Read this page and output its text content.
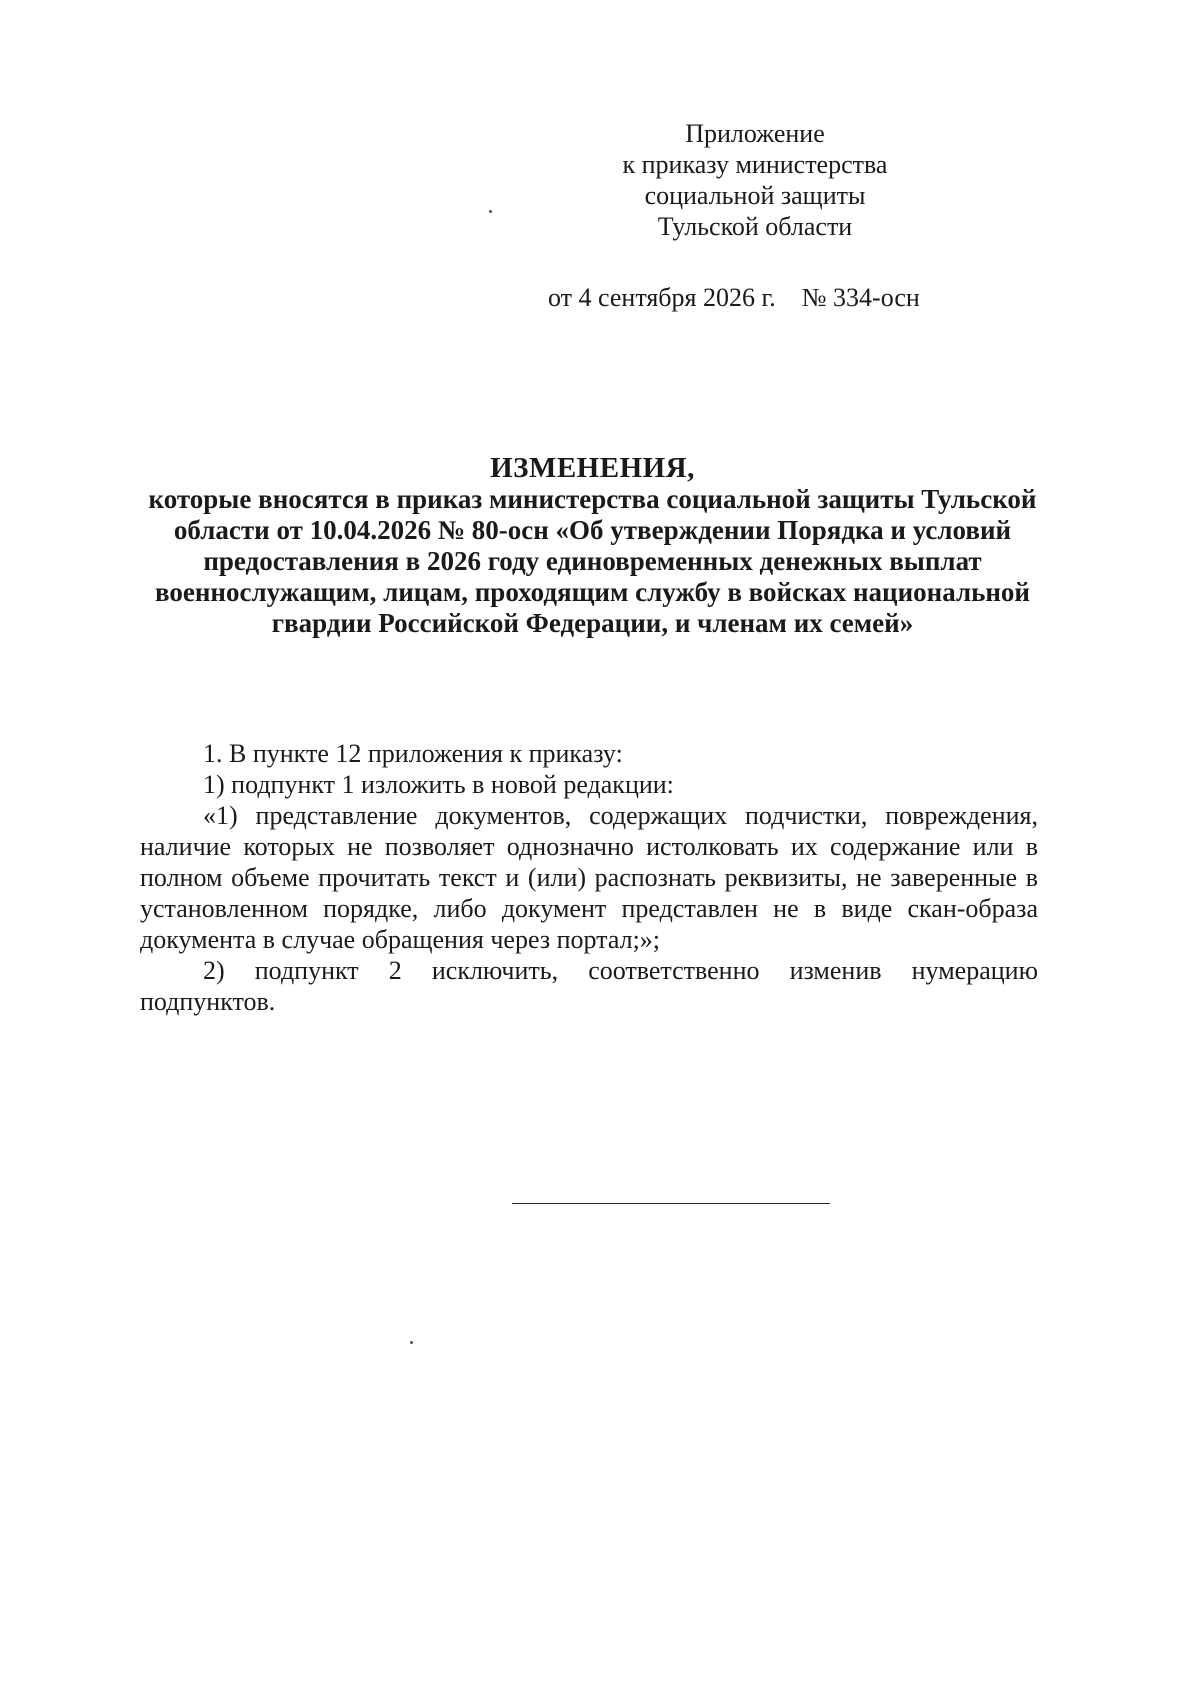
Приложение
к приказу министерства
социальной защиты
Тульской области
от 4 сентября 2026 г. № 334-осн
ИЗМЕНЕНИЯ,
которые вносятся в приказ министерства социальной защиты Тульской
области от 10.04.2026 № 80-осн «Об утверждении Порядка и условий
предоставления в 2026 году единовременных денежных выплат
военнослужащим, лицам, проходящим службу в войсках национальной
гвардии Российской Федерации, и членам их семей»

1. В пункте 12 приложения к приказу:

1) подпункт 1 изложить в новой редакции:

«1) представление документов, содержащих подчистки, повреждения, наличие которых не позволяет однозначно истолковать их содержание или в полном объеме прочитать текст и (или) распознать реквизиты, не заверенные в установленном порядке, либо документ представлен не в виде скан-образа документа в случае обращения через портал;»;

2) подпункт 2 исключить, соответственно изменив нумерацию

подпунктов.
